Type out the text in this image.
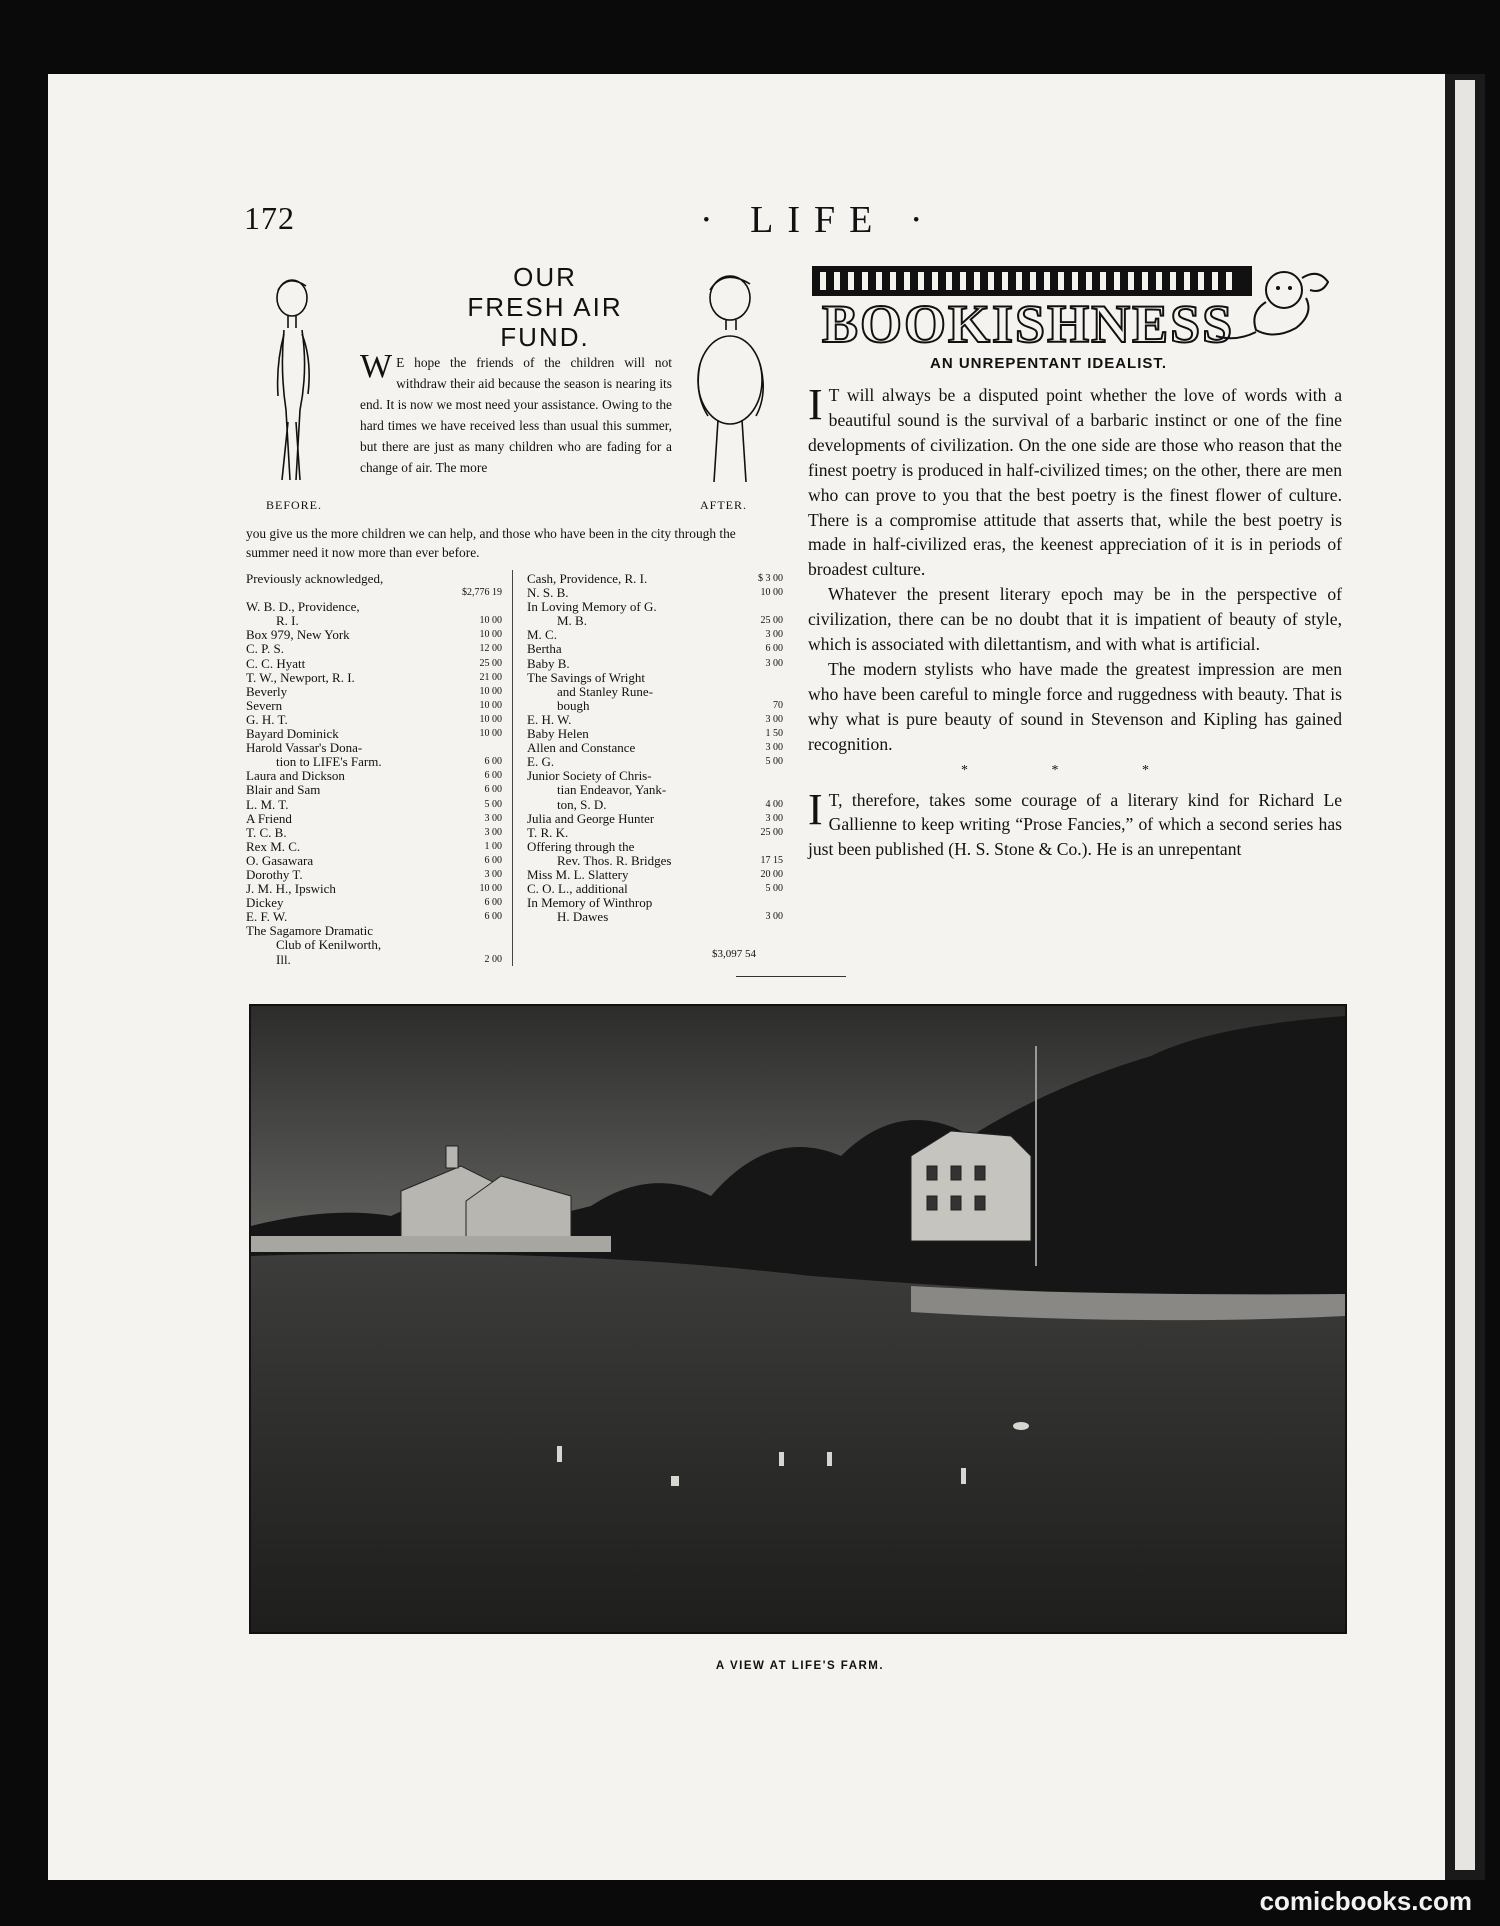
172	· LIFE ·
BEFORE.	AFTER.
OUR
FRESH AIR
FUND.
W E hope the friends of the children will not withdraw their aid because the season is nearing its end. It is now we most need your assistance. Owing to the hard times we have received less than usual this summer, but there are just as many children who are fading for a change of air. The more
you give us the more children we can help, and those who have been in the city through the summer need it now more than ever before.
Previously acknowledged,
$2,776 19
W. B. D., Providence,
R. I.	10 00
Box 979, New York	10 00
C. P. S.	12 00
C. C. Hyatt	25 00
T. W., Newport, R. I.	21 00
Beverly	10 00
Severn	10 00
G. H. T.	10 00
Bayard Dominick	10 00
Harold Vassar's Dona-
tion to LIFE's Farm.	6 00
Laura and Dickson	6 00
Blair and Sam	6 00
L. M. T.	5 00
A Friend	3 00
T. C. B.	3 00
Rex M. C.	1 00
O. Gasawara	6 00
Dorothy T.	3 00
J. M. H., Ipswich	10 00
Dickey	6 00
E. F. W.	6 00
The Sagamore Dramatic
Club of Kenilworth,
Ill.	2 00
Cash, Providence, R. I.	$ 3 00
N. S. B.	10 00
In Loving Memory of G.
M. B.	25 00
M. C.	3 00
Bertha	6 00
Baby B.	3 00
The Savings of Wright
and Stanley Rune-
bough	70
E. H. W.	3 00
Baby Helen	1 50
Allen and Constance	3 00
E. G.	5 00
Junior Society of Chris-
tian Endeavor, Yank-
ton, S. D.	4 00
Julia and George Hunter	3 00
T. R. K.	25 00
Offering through the
Rev. Thos. R. Bridges	17 15
Miss M. L. Slattery	20 00
C. O. L., additional	5 00
In Memory of Winthrop
H. Dawes	3 00
$3,097 54
BOOKISHNESS
AN UNREPENTANT IDEALIST.

I T will always be a disputed point whether the love of words with a beautiful sound is the survival of a barbaric instinct or one of the fine developments of civilization. On the one side are those who reason that the finest poetry is produced in half-civilized times; on the other, there are men who can prove to you that the best poetry is the finest flower of culture. There is a compromise attitude that asserts that, while the best poetry is made in half-civilized eras, the keenest appreciation of it is in periods of broadest culture.

Whatever the present literary epoch may be in the perspective of civilization, there can be no doubt that it is impatient of beauty of style, which is associated with dilettantism, and with what is artificial.

The modern stylists who have made the greatest impression are men who have been careful to mingle force and ruggedness with beauty. That is why what is pure beauty of sound in Stevenson and Kipling has gained recognition.

* * *

I T, therefore, takes some courage of a literary kind for Richard Le Gallienne to keep writing “Prose Fancies,” of which a second series has just been published (H. S. Stone & Co.). He is an unrepentant

A VIEW AT LIFE'S FARM.
comicbooks.com
